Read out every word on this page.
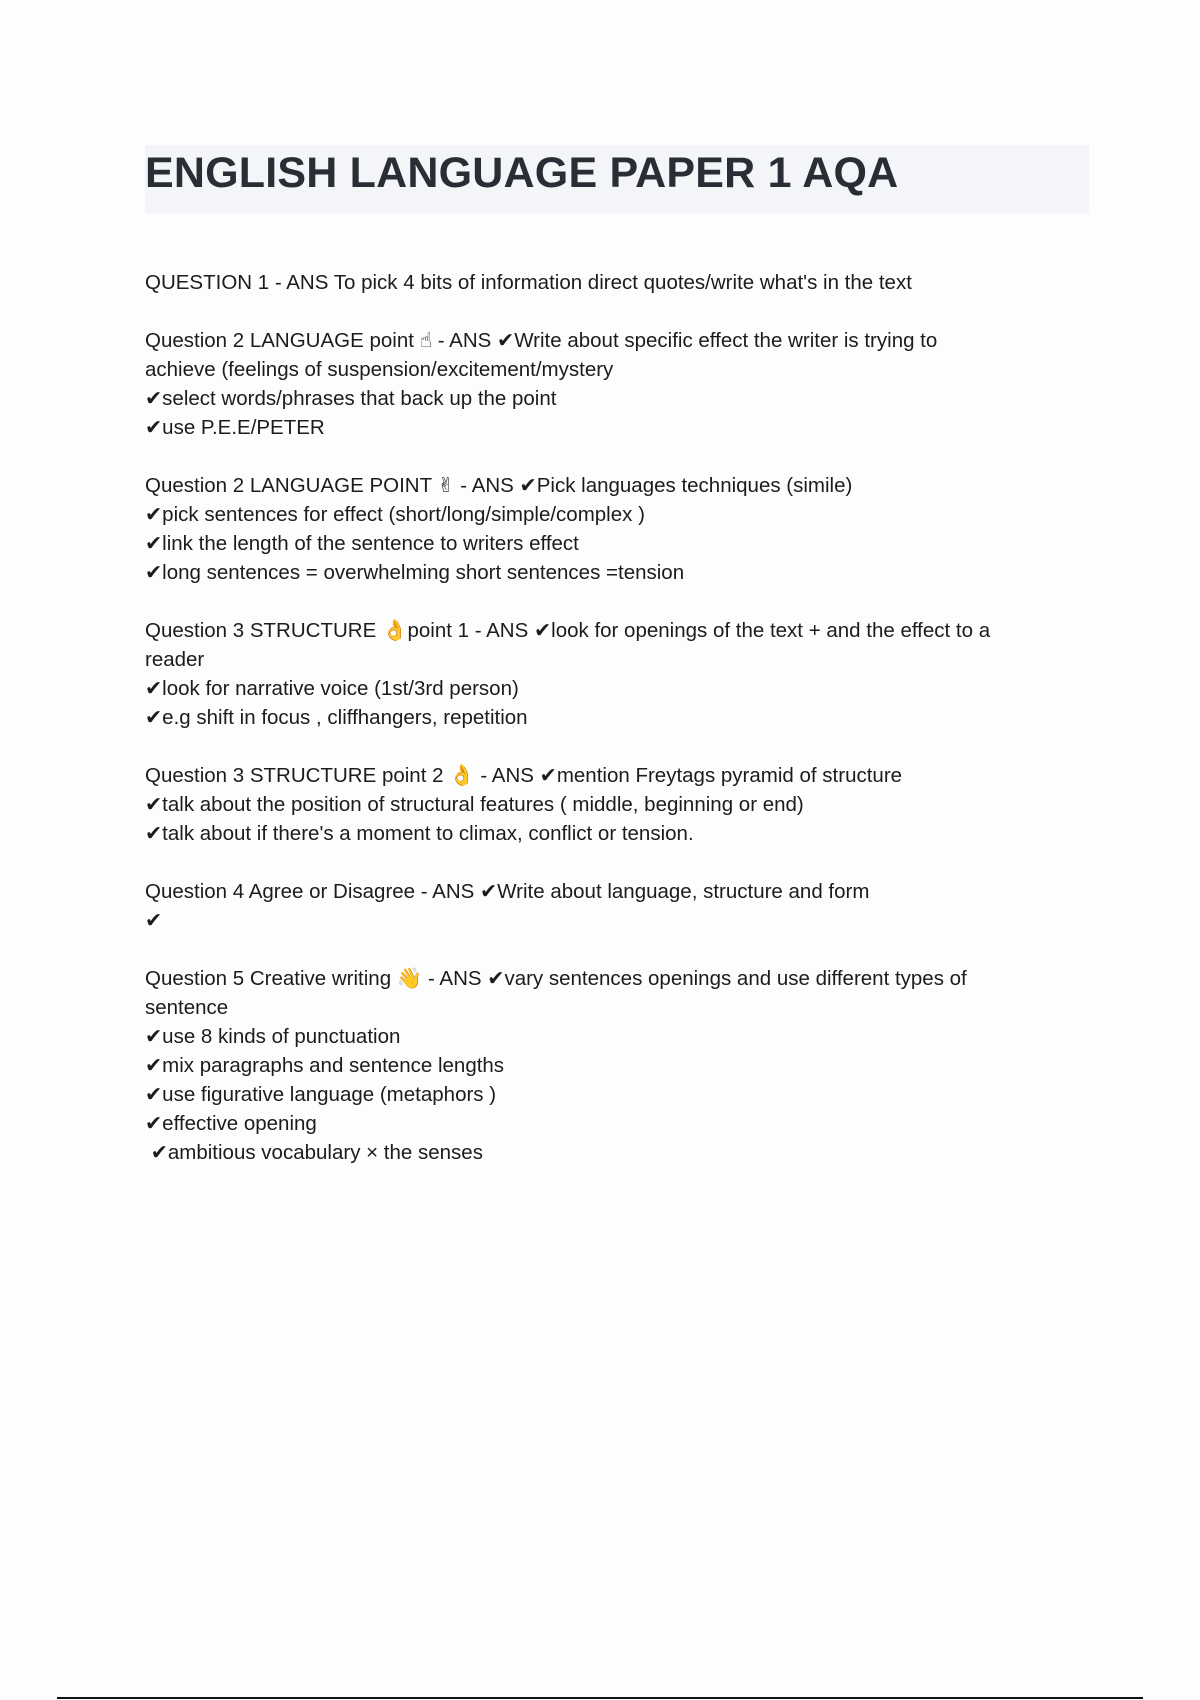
ENGLISH LANGUAGE PAPER 1 AQA
QUESTION 1 - ANS To pick 4 bits of information direct quotes/write what's in the text
Question 2 LANGUAGE point ☝ - ANS ✔Write about specific effect the writer is trying to
achieve (feelings of suspension/excitement/mystery
✔select words/phrases that back up the point
✔use P.E.E/PETER
Question 2 LANGUAGE POINT ✌ - ANS ✔Pick languages techniques (simile)
✔pick sentences for effect (short/long/simple/complex )
✔link the length of the sentence to writers effect
✔long sentences = overwhelming short sentences =tension
Question 3 STRUCTURE 👌point 1 - ANS ✔look for openings of the text + and the effect to a
reader
✔look for narrative voice (1st/3rd person)
✔e.g shift in focus , cliffhangers, repetition
Question 3 STRUCTURE point 2 👌 - ANS ✔mention Freytags pyramid of structure
✔talk about the position of structural features ( middle, beginning or end)
✔talk about if there's a moment to climax, conflict or tension.
Question 4 Agree or Disagree - ANS ✔Write about language, structure and form
✔
Question 5 Creative writing 👋 - ANS ✔vary sentences openings and use different types of
sentence
✔use 8 kinds of punctuation
✔mix paragraphs and sentence lengths
✔use figurative language (metaphors )
✔effective opening
✔ambitious vocabulary × the senses
